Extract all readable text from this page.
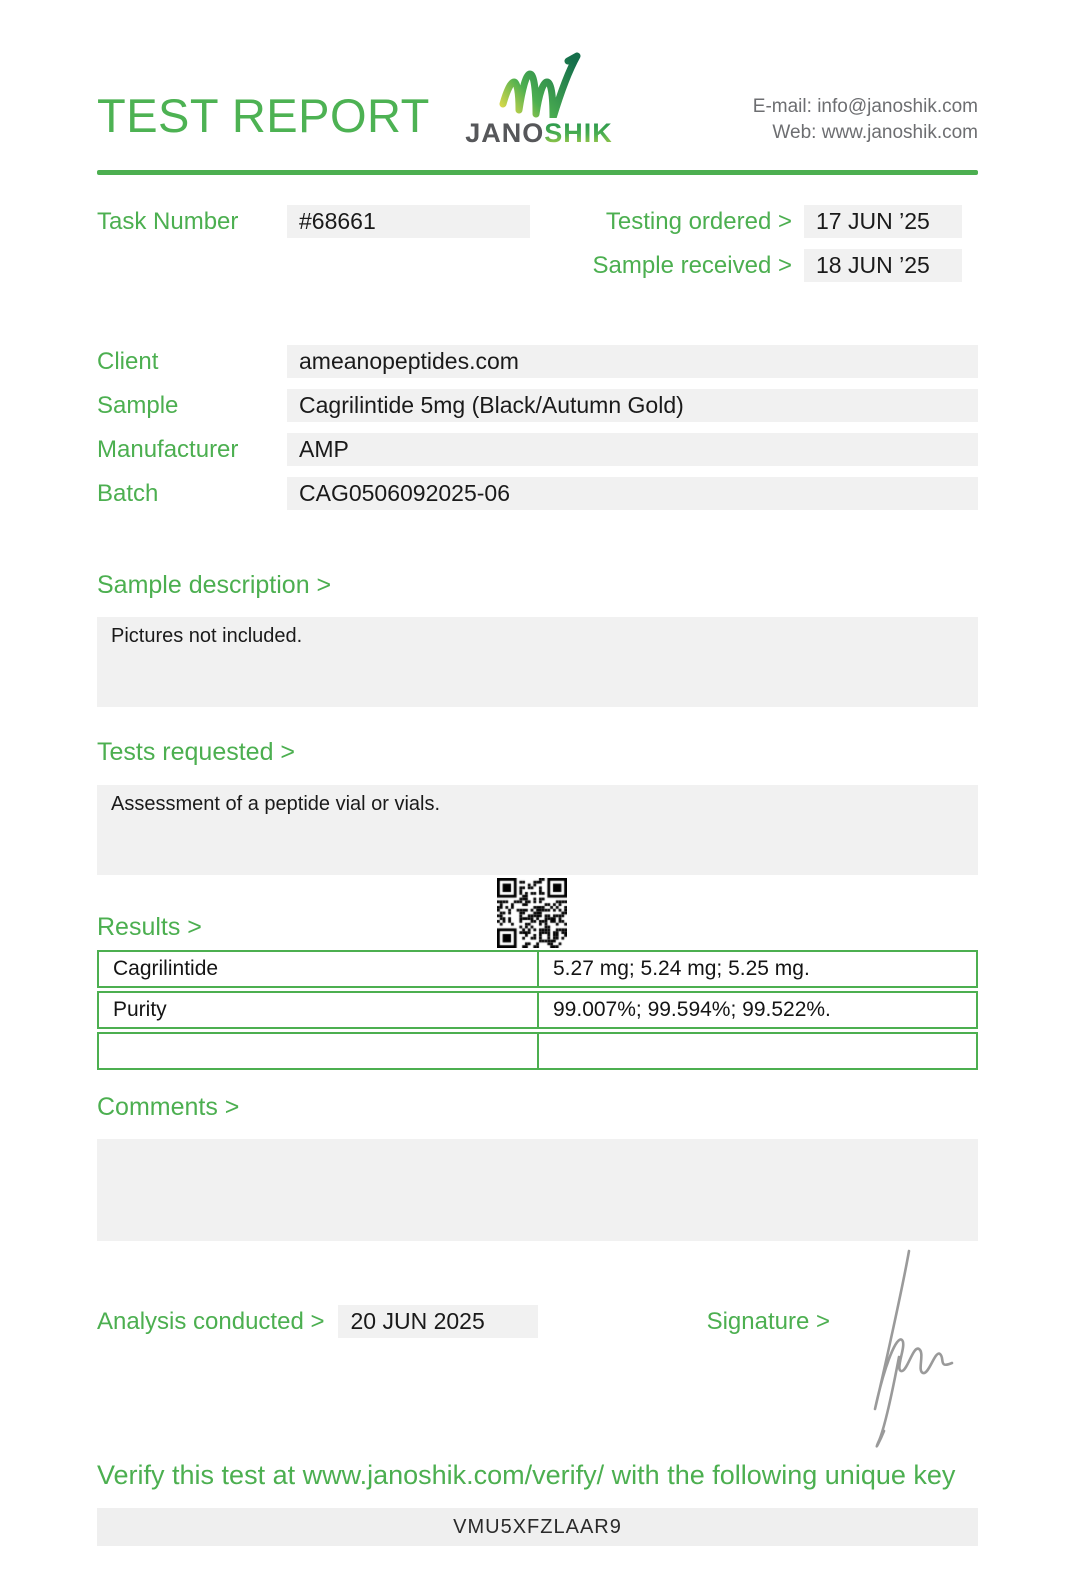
TEST REPORT	JANOSHIK
E-mail: info@janoshik.com
Web: www.janoshik.com
Task Number	#68661	Testing ordered >	17 JUN ’25
Sample received >	18 JUN ’25
Client	ameanopeptides.com
Sample	Cagrilintide 5mg (Black/Autumn Gold)
Manufacturer	AMP
Batch	CAG0506092025-06
Sample description >
Pictures not included.
Tests requested >
Assessment of a peptide vial or vials.
Results >
Cagrilintide	5.27 mg; 5.24 mg; 5.25 mg.
Purity	99.007%; 99.594%; 99.522%.
Comments >
Analysis conducted >	20 JUN 2025	Signature >
Verify this test at www.janoshik.com/verify/ with the following unique key
VMU5XFZLAAR9
